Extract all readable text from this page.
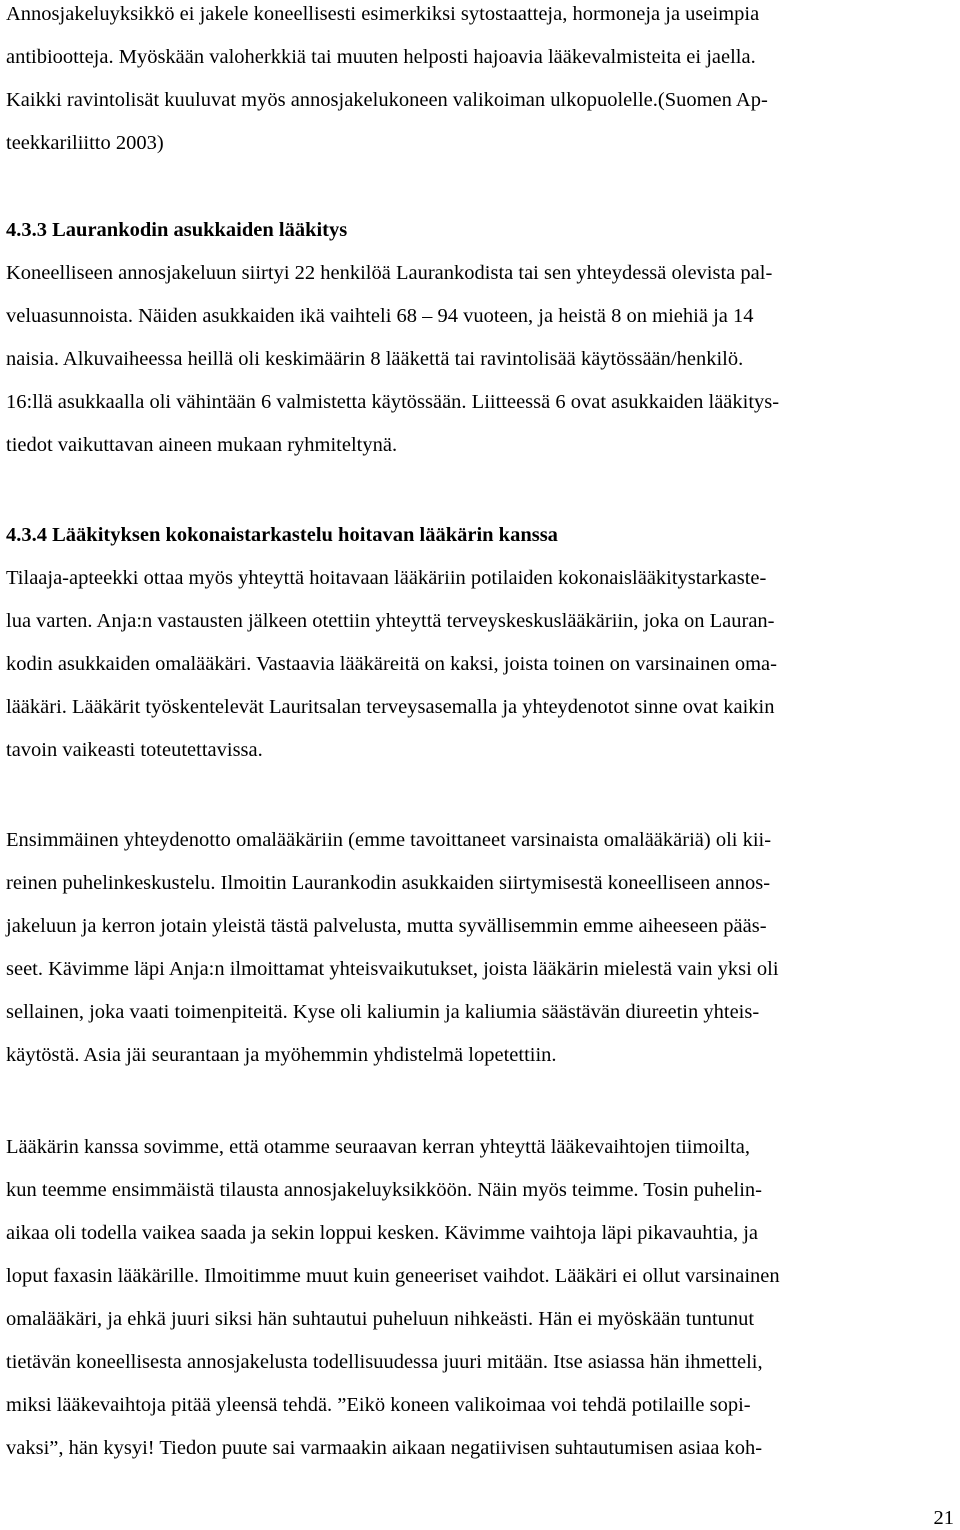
Annosjakeluyksikkö ei jakele koneellisesti esimerkiksi sytostaatteja, hormoneja ja useimpia
antibiootteja. Myöskään valoherkkiä tai muuten helposti hajoavia lääkevalmisteita ei jaella.
Kaikki ravintolisät kuuluvat myös annosjakelukoneen valikoiman ulkopuolelle.(Suomen Ap-
teekkariliitto 2003)
4.3.3 Laurankodin asukkaiden lääkitys
Koneelliseen annosjakeluun siirtyi 22 henkilöä Laurankodista tai sen yhteydessä olevista pal-
veluasunnoista. Näiden asukkaiden ikä vaihteli 68 – 94 vuoteen, ja heistä 8 on miehiä ja 14
naisia. Alkuvaiheessa heillä oli keskimäärin 8 lääkettä tai ravintolisää käytössään/henkilö.
16:llä asukkaalla oli vähintään 6 valmistetta käytössään. Liitteessä 6 ovat asukkaiden lääkitys-
tiedot vaikuttavan aineen mukaan ryhmiteltynä.
4.3.4 Lääkityksen kokonaistarkastelu hoitavan lääkärin kanssa
Tilaaja-apteekki ottaa myös yhteyttä hoitavaan lääkäriin potilaiden kokonaislääkitystarkaste-
lua varten. Anja:n vastausten jälkeen otettiin yhteyttä terveyskeskuslääkäriin, joka on Lauran-
kodin asukkaiden omalääkäri. Vastaavia lääkäreitä on kaksi, joista toinen on varsinainen oma-
lääkäri. Lääkärit työskentelevät Lauritsalan terveysasemalla ja yhteydenotot sinne ovat kaikin
tavoin vaikeasti toteutettavissa.
Ensimmäinen yhteydenotto omalääkäriin (emme tavoittaneet varsinaista omalääkäriä) oli kii-
reinen puhelinkeskustelu. Ilmoitin Laurankodin asukkaiden siirtymisestä koneelliseen annos-
jakeluun ja kerron jotain yleistä tästä palvelusta, mutta syvällisemmin emme aiheeseen pääs-
seet. Kävimme läpi Anja:n ilmoittamat yhteisvaikutukset, joista lääkärin mielestä vain yksi oli
sellainen, joka vaati toimenpiteitä. Kyse oli kaliumin ja kaliumia säästävän diureetin yhteis-
käytöstä. Asia jäi seurantaan ja myöhemmin yhdistelmä lopetettiin.
Lääkärin kanssa sovimme, että otamme seuraavan kerran yhteyttä lääkevaihtojen tiimoilta,
kun teemme ensimmäistä tilausta annosjakeluyksikköön. Näin myös teimme. Tosin puhelin-
aikaa oli todella vaikea saada ja sekin loppui kesken. Kävimme vaihtoja läpi pikavauhtia, ja
loput faxasin lääkärille. Ilmoitimme muut kuin geneeriset vaihdot. Lääkäri ei ollut varsinainen
omalääkäri, ja ehkä juuri siksi hän suhtautui puheluun nihkeästi. Hän ei myöskään tuntunut
tietävän koneellisesta annosjakelusta todellisuudessa juuri mitään. Itse asiassa hän ihmetteli,
miksi lääkevaihtoja pitää yleensä tehdä. ”Eikö koneen valikoimaa voi tehdä potilaille sopi-
vaksi”, hän kysyi! Tiedon puute sai varmaakin aikaan negatiivisen suhtautumisen asiaa koh-
21
